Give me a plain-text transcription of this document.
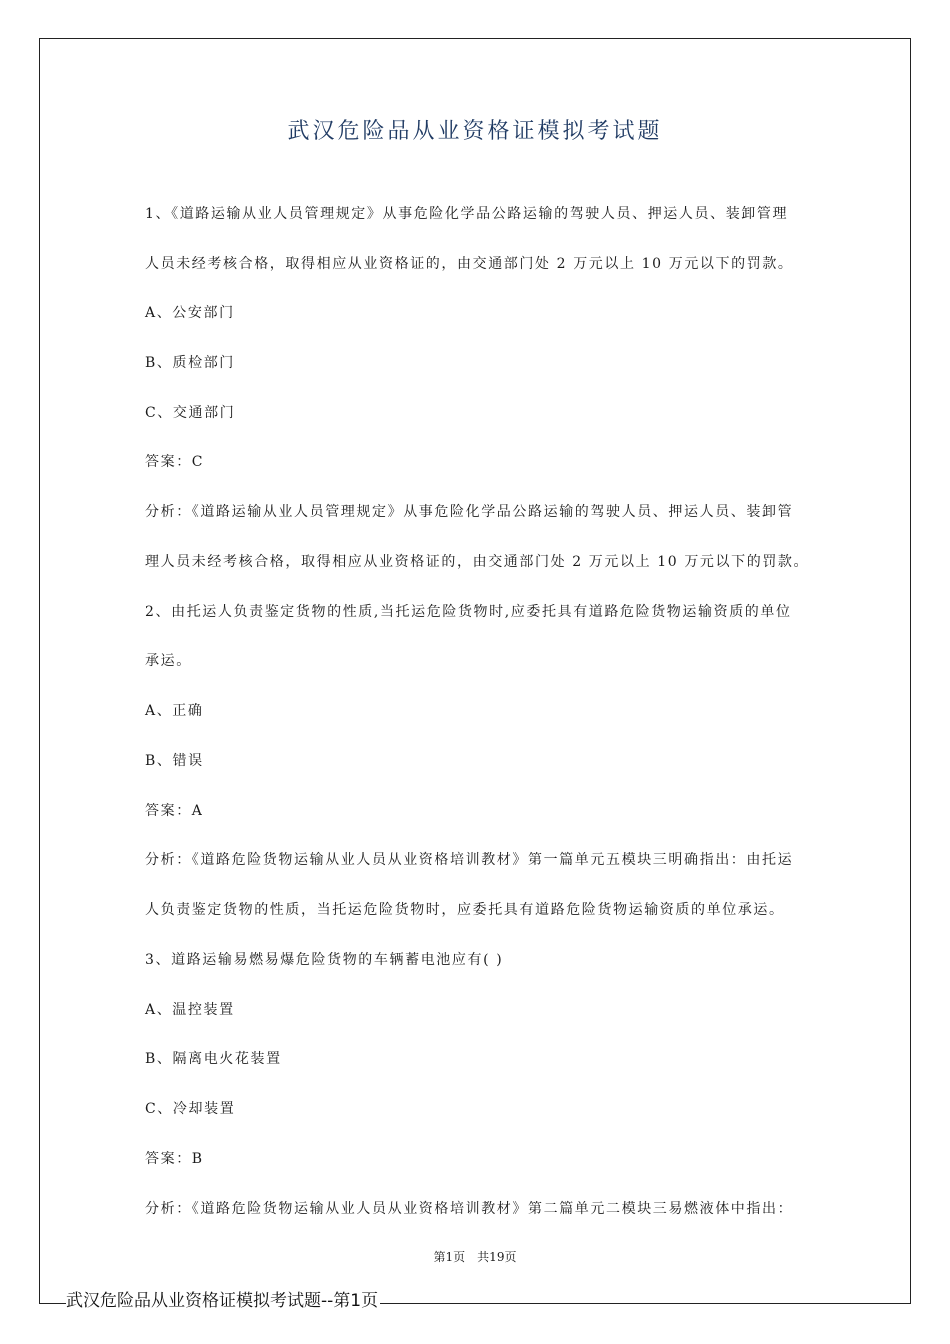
武汉危险品从业资格证模拟考试题

1、《道路运输从业人员管理规定》从事危险化学品公路运输的驾驶人员、押运人员、装卸管理

人员未经考核合格，取得相应从业资格证的，由交通部门处 2 万元以上 10 万元以下的罚款。

A、公安部门

B、质检部门

C、交通部门

答案：C

分析：《道路运输从业人员管理规定》从事危险化学品公路运输的驾驶人员、押运人员、装卸管

理人员未经考核合格，取得相应从业资格证的，由交通部门处 2 万元以上 10 万元以下的罚款。

2、由托运人负责鉴定货物的性质,当托运危险货物时,应委托具有道路危险货物运输资质的单位

承运。

A、正确

B、错误

答案：A

分析：《道路危险货物运输从业人员从业资格培训教材》第一篇单元五模块三明确指出：由托运

人负责鉴定货物的性质，当托运危险货物时，应委托具有道路危险货物运输资质的单位承运。

3、道路运输易燃易爆危险货物的车辆蓄电池应有( )

A、温控装置

B、隔离电火花装置

C、冷却装置

答案：B

分析：《道路危险货物运输从业人员从业资格培训教材》第二篇单元二模块三易燃液体中指出：

第1页　共19页

武汉危险品从业资格证模拟考试题--第1页
